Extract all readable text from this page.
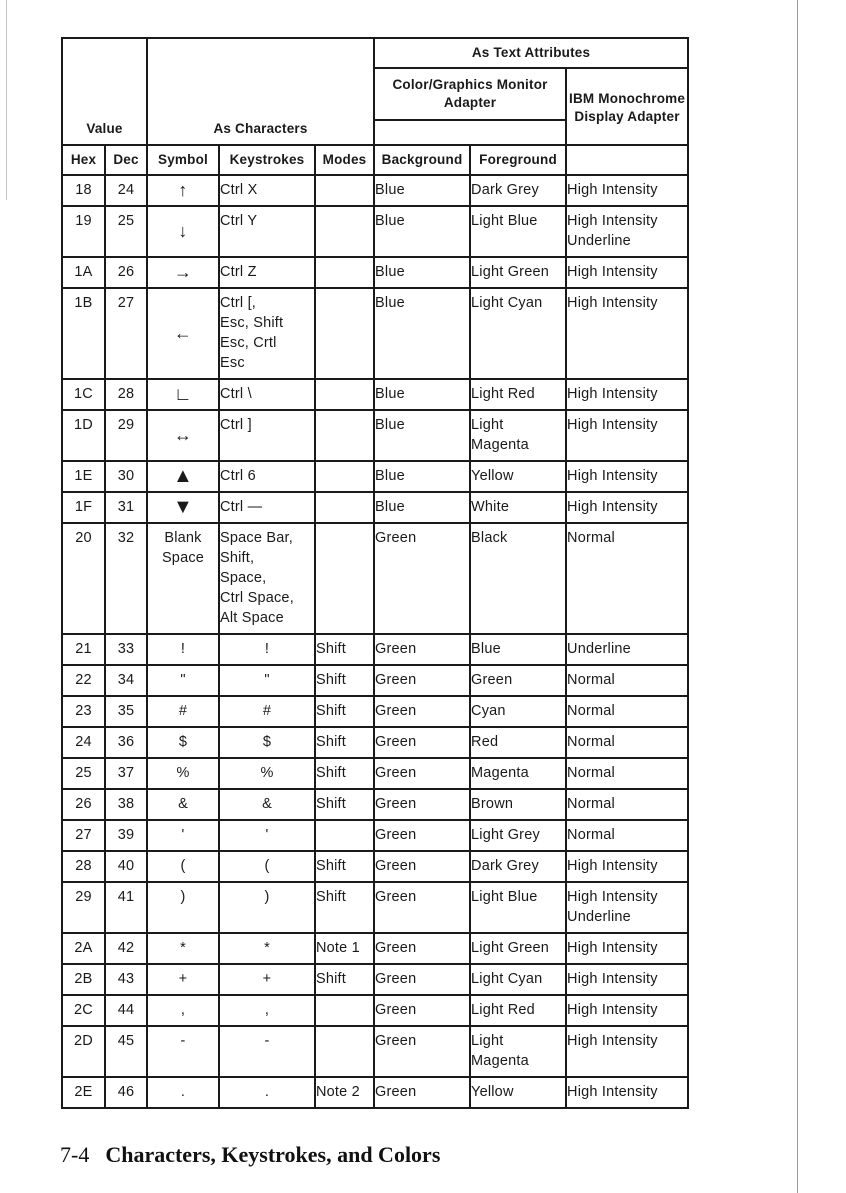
					As Text Attributes		
					Color/Graphics Monitor Adapter		IBM Monochrome Display Adapter
Value		As Characters					
Hex	Dec	Symbol	Keystrokes	Modes	Background	Foreground	
18	24	↑	Ctrl X		Blue	Dark Grey	High Intensity
19	25	↓	Ctrl Y		Blue	Light Blue	High Intensity
Underline
1A	26	→	Ctrl Z		Blue	Light Green	High Intensity
1B	27	←	Ctrl [,
Esc, Shift
Esc, Crtl
Esc		Blue	Light Cyan	High Intensity
1C	28	∟	Ctrl \		Blue	Light Red	High Intensity
1D	29	↔	Ctrl ]		Blue	Light
Magenta	High Intensity
1E	30	▲	Ctrl 6		Blue	Yellow	High Intensity
1F	31	▼	Ctrl —		Blue	White	High Intensity
20	32	Blank
Space	Space Bar,
Shift,
Space,
Ctrl Space,
Alt Space		Green	Black	Normal
21	33	!	!	Shift	Green	Blue	Underline
22	34	"	"	Shift	Green	Green	Normal
23	35	#	#	Shift	Green	Cyan	Normal
24	36	$	$	Shift	Green	Red	Normal
25	37	%	%	Shift	Green	Magenta	Normal
26	38	&	&	Shift	Green	Brown	Normal
27	39	'	'		Green	Light Grey	Normal
28	40	(	(	Shift	Green	Dark Grey	High Intensity
29	41	)	)	Shift	Green	Light Blue	High Intensity
Underline
2A	42	*	*	Note 1	Green	Light Green	High Intensity
2B	43	+	+	Shift	Green	Light Cyan	High Intensity
2C	44	,	,		Green	Light Red	High Intensity
2D	45	-	-		Green	Light
Magenta	High Intensity
2E	46	.	.	Note 2	Green	Yellow	High Intensity
7-4 Characters, Keystrokes, and Colors
